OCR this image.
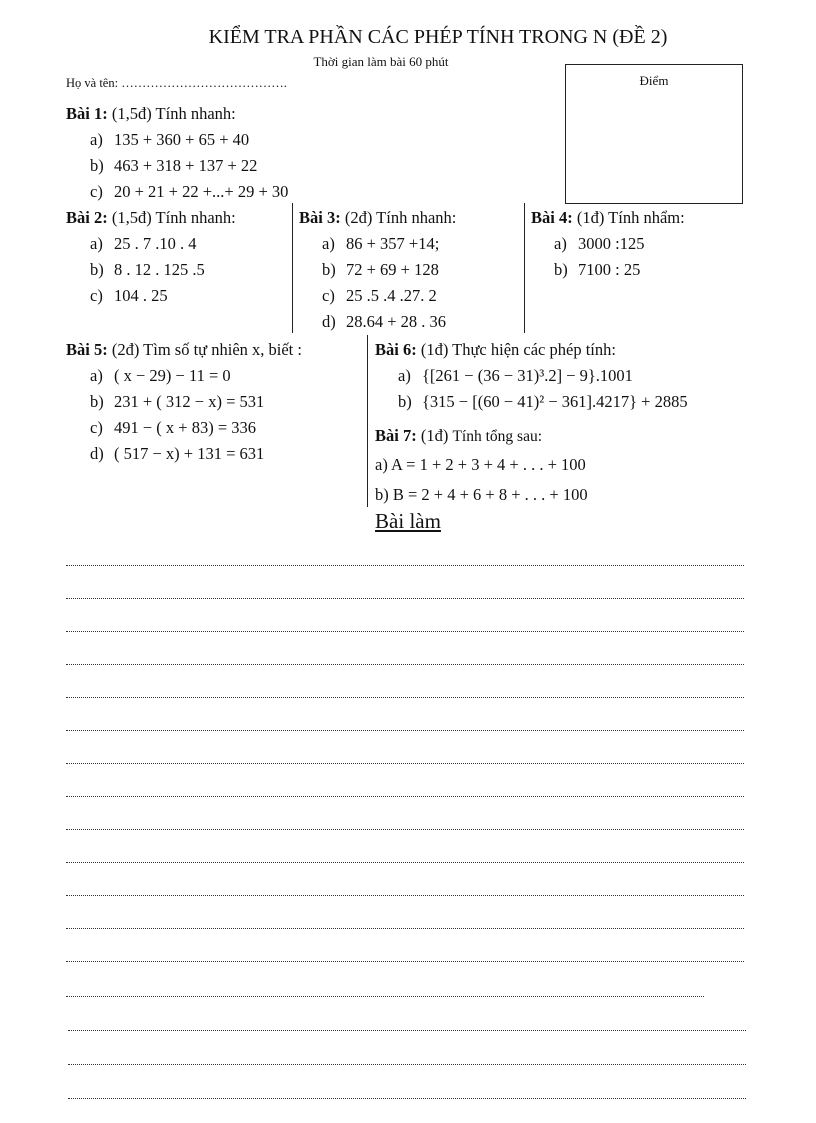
KIỂM TRA PHẦN CÁC PHÉP TÍNH TRONG N (ĐỀ 2)
Thời gian làm bài 60 phút
Họ và tên: ………………………………….	Điểm
Bài 1: (1,5đ) Tính nhanh:
a) 135 + 360 + 65 + 40
b) 463 + 318 + 137 + 22
c) 20 + 21 + 22 +...+ 29 + 30
Bài 2: (1,5đ) Tính nhanh:
a) 25 . 7 .10 . 4
b) 8 . 12 . 125 .5
c) 104 . 25
Bài 3: (2đ) Tính nhanh:
a) 86 + 357 +14;
b) 72 + 69 + 128
c) 25 .5 .4 .27. 2
d) 28.64 + 28 . 36
Bài 4: (1đ) Tính nhẩm:
a) 3000 :125
b) 7100 : 25
Bài 5: (2đ) Tìm số tự nhiên x, biết :
a) ( x − 29) − 11 = 0
b) 231 + ( 312 − x) = 531
c) 491 − ( x + 83) = 336
d) ( 517 − x) + 131 = 631
Bài 6: (1đ) Thực hiện các phép tính:
a) {[261 − (36 − 31)³.2] − 9}.1001
b) {315 − [(60 − 41)² − 361].4217} + 2885
Bài 7: (1đ) Tính tổng sau:
a) A = 1 + 2 + 3 + 4 + . . . + 100
b) B = 2 + 4 + 6 + 8 + . . . + 100
Bài làm
